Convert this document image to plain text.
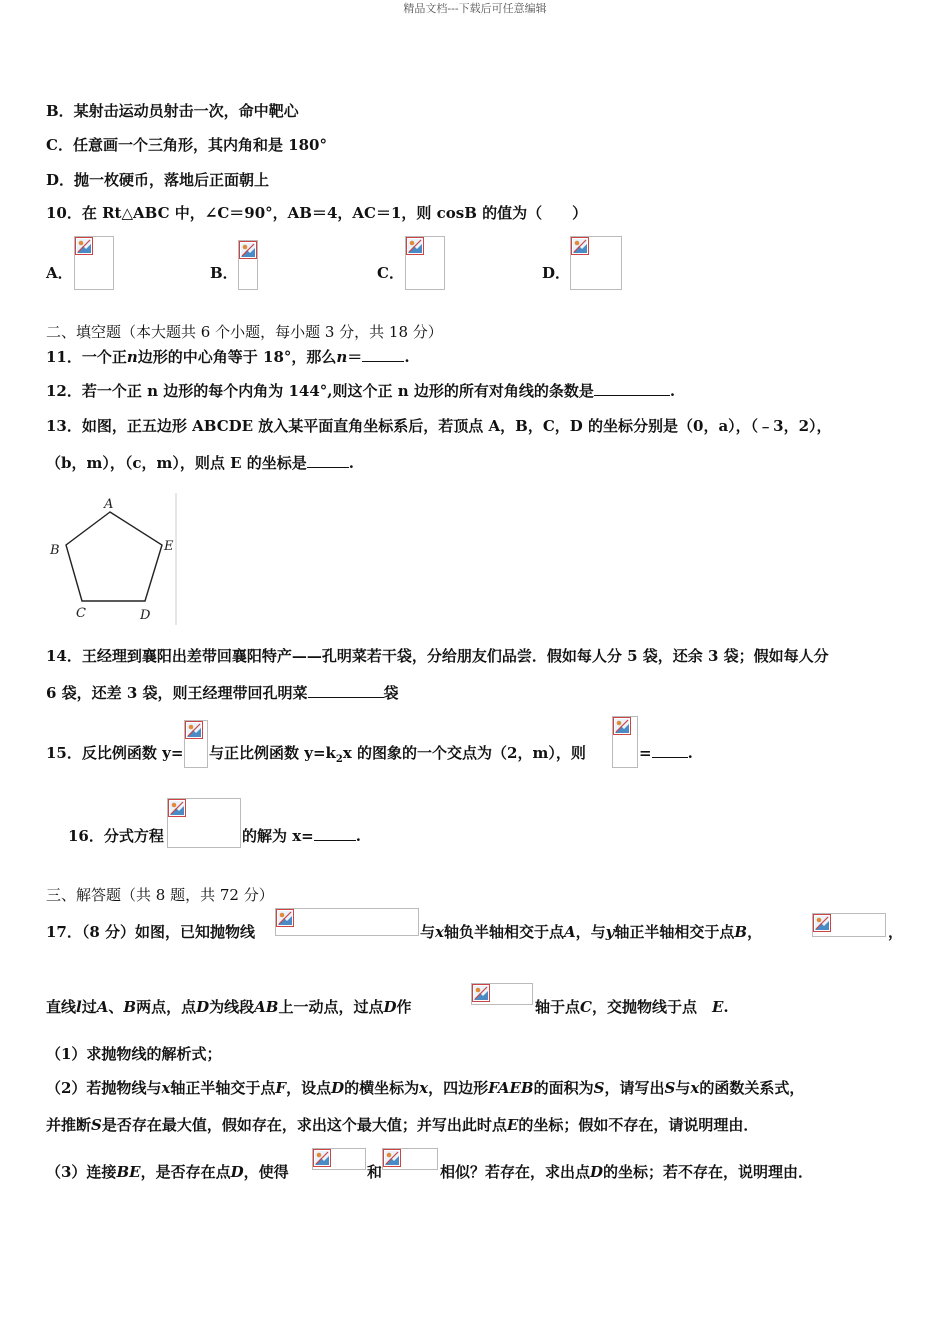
精品文档---下载后可任意编辑
B．某射击运动员射击一次，命中靶心
C．任意画一个三角形，其内角和是 180°
D．抛一枚硬币，落地后正面朝上
10．在 Rt△ABC 中，∠C＝90°，AB＝4，AC＝1，则 cosB 的值为（　　）
A．	B．	C．	D．
二、填空题（本大题共 6 个小题，每小题 3 分，共 18 分）
11．一个正n边形的中心角等于 18°，那么n＝	.
12．若一个正 n 边形的每个内角为 144°,则这个正 n 边形的所有对角线的条数是	.
13．如图，正五边形 ABCDE 放入某平面直角坐标系后，若顶点 A，B，C，D 的坐标分别是（0，a），（﹣3，2），
（b，m），（c，m），则点 E 的坐标是	.
A
B
C	D
E
14．王经理到襄阳出差带回襄阳特产——孔明菜若干袋，分给朋友们品尝．假如每人分 5 袋，还余 3 袋；假如每人分
6 袋，还差 3 袋，则王经理带回孔明菜	袋
15．反比例函数 y= 与正比例函数 $y=k_2x$ 的图象的一个交点为（2，m），则	= .
16．分式方程	的解为 x=	.
三、解答题（共 8 题，共 72 分）
17．（8 分）如图，已知抛物线	与x轴负半轴相交于点A，与y轴正半轴相交于点B，	，
直线l过A、B两点，点D为线段AB上一动点，过点D作	轴于点C，交抛物线于点　E.
（1）求抛物线的解析式；
（2）若抛物线与x轴正半轴交于点F，设点D的横坐标为x，四边形FAEB的面积为S，请写出S与x的函数关系式，
并推断S是否存在最大值，假如存在，求出这个最大值；并写出此时点E的坐标；假如不存在，请说明理由．
（3）连接BE，是否存在点D，使得	和	相似？若存在，求出点D的坐标；若不存在，说明理由．
